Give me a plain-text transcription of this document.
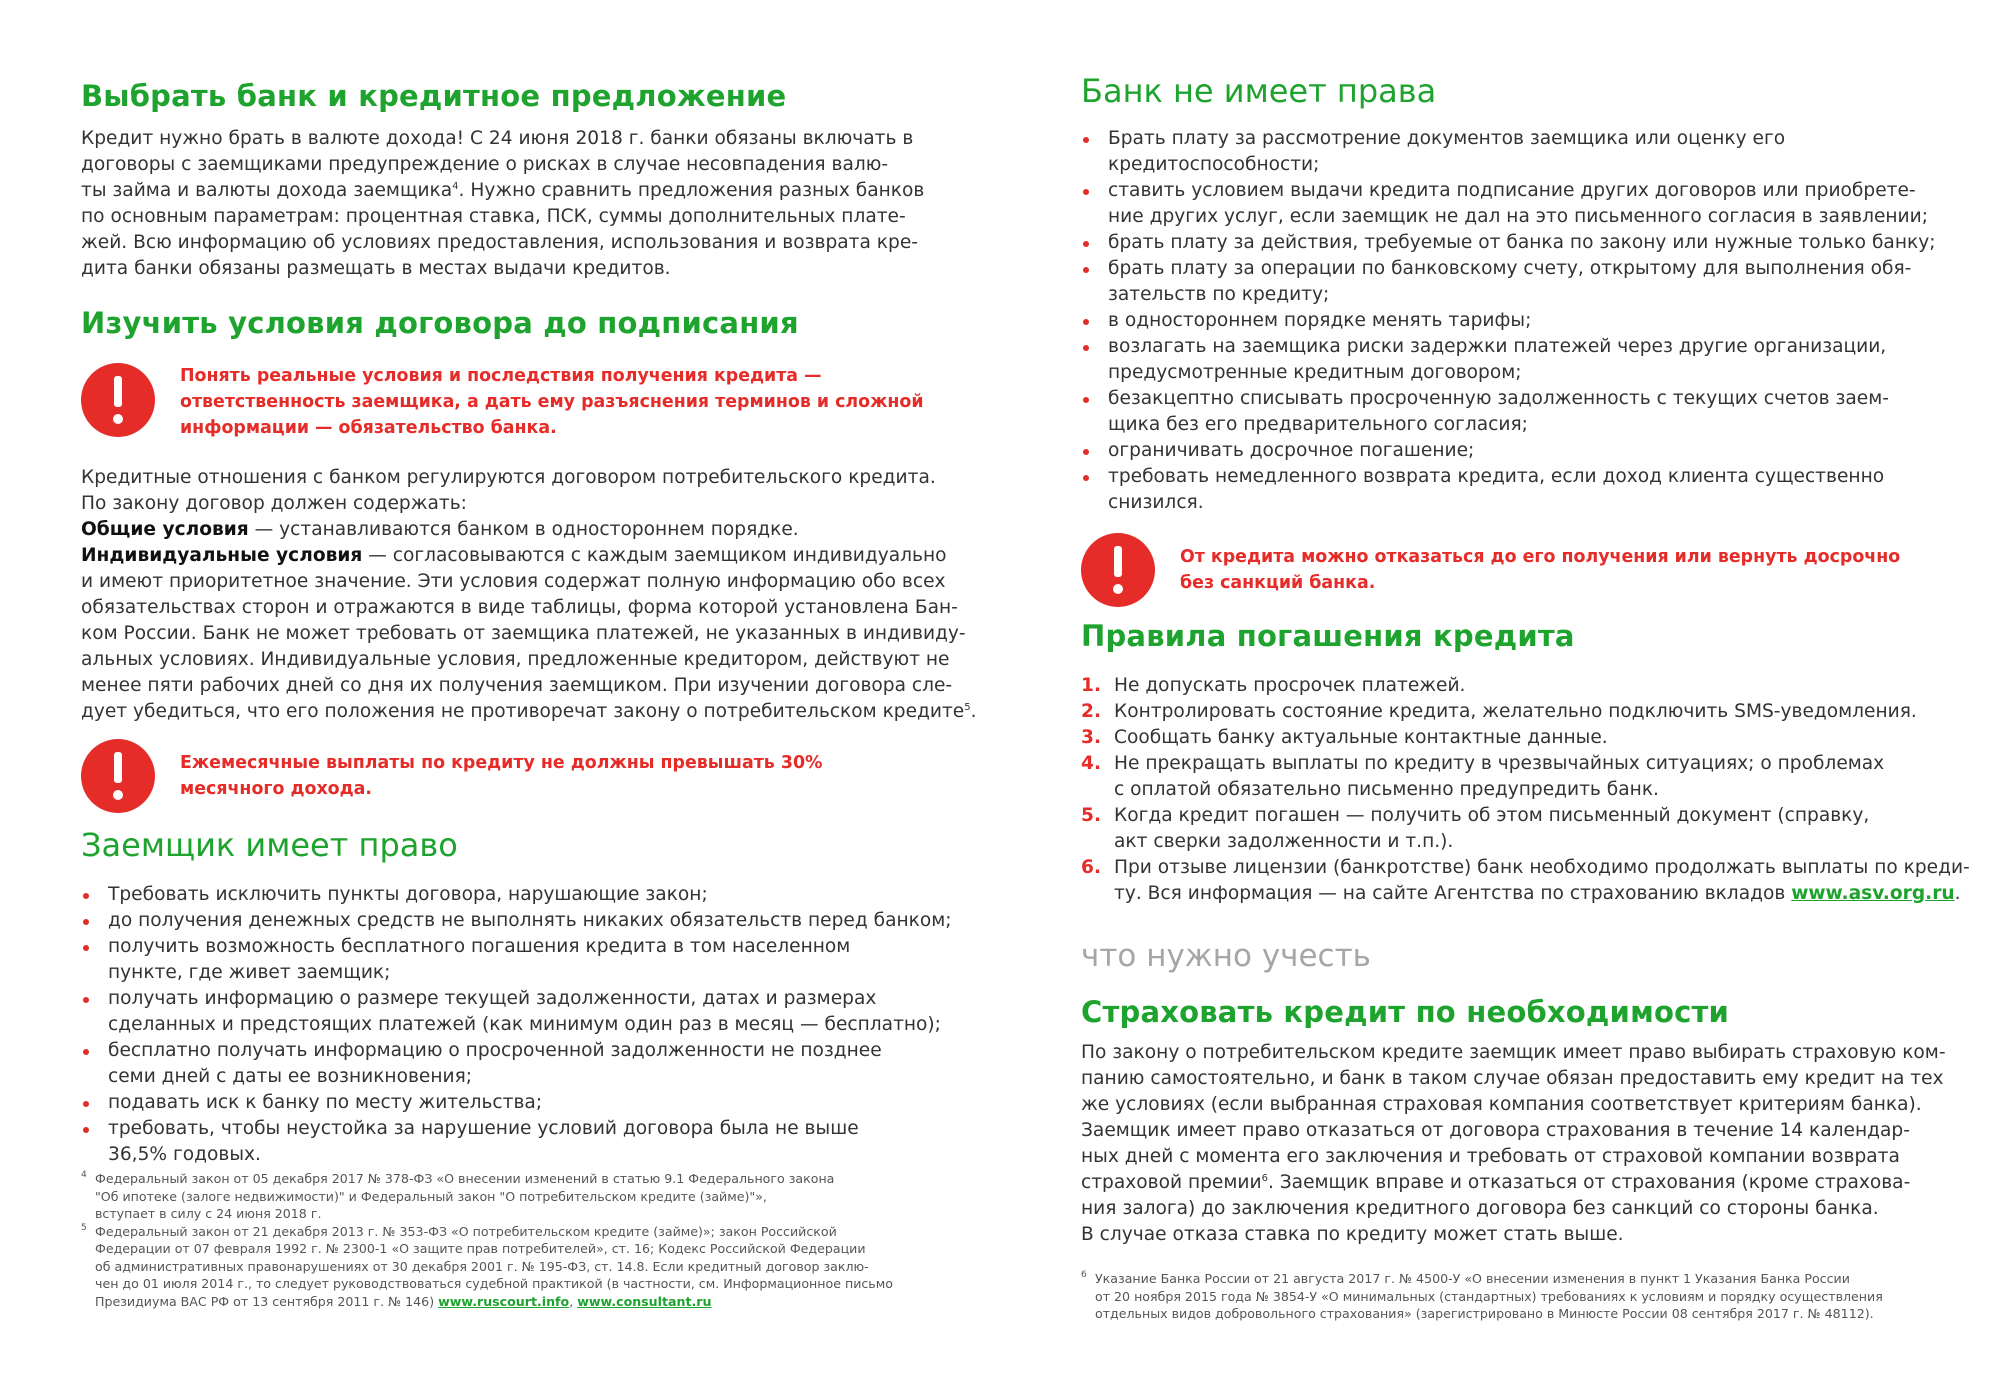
Выбрать банк и кредитное предложение
Кредит нужно брать в валюте дохода! С 24 июня 2018 г. банки обязаны включать в
договоры с заемщиками предупреждение о рисках в случае несовпадения валю-
ты займа и валюты дохода заемщика$^4$. Нужно сравнить предложения разных банков
по основным параметрам: процентная ставка, ПСК, суммы дополнительных плате-
жей. Всю информацию об условиях предоставления, использования и возврата кре-
дита банки обязаны размещать в местах выдачи кредитов.
Изучить условия договора до подписания
Понять реальные условия и последствия получения кредита —
ответственность заемщика, а дать ему разъяснения терминов и сложной
информации — обязательство банка.
Кредитные отношения с банком регулируются договором потребительского кредита.
По закону договор должен содержать:
Общие условия — устанавливаются банком в одностороннем порядке.
Индивидуальные условия — согласовываются с каждым заемщиком индивидуально
и имеют приоритетное значение. Эти условия содержат полную информацию обо всех
обязательствах сторон и отражаются в виде таблицы, форма которой установлена Бан-
ком России. Банк не может требовать от заемщика платежей, не указанных в индивиду-
альных условиях. Индивидуальные условия, предложенные кредитором, действуют не
менее пяти рабочих дней со дня их получения заемщиком. При изучении договора сле-
дует убедиться, что его положения не противоречат закону о потребительском кредите$^5$.
Ежемесячные выплаты по кредиту не должны превышать 30%
месячного дохода.
Заемщик имеет право
Требовать исключить пункты договора, нарушающие закон;
до получения денежных средств не выполнять никаких обязательств перед банком;
получить возможность бесплатного погашения кредита в том населенном
пункте, где живет заемщик;
получать информацию о размере текущей задолженности, датах и размерах
сделанных и предстоящих платежей (как минимум один раз в месяц — бесплатно);
бесплатно получать информацию о просроченной задолженности не позднее
семи дней с даты ее возникновения;
подавать иск к банку по месту жительства;
требовать, чтобы неустойка за нарушение условий договора была не выше
36,5% годовых.
4 Федеральный закон от 05 декабря 2017 № 378-ФЗ «О внесении изменений в статью 9.1 Федерального закона
"Об ипотеке (залоге недвижимости)" и Федеральный закон "О потребительском кредите (займе)"»,
вступает в силу с 24 июня 2018 г.
5 Федеральный закон от 21 декабря 2013 г. № 353-ФЗ «О потребительском кредите (займе)»; закон Российской
Федерации от 07 февраля 1992 г. № 2300-1 «О защите прав потребителей», ст. 16; Кодекс Российской Федерации
об административных правонарушениях от 30 декабря 2001 г. № 195-ФЗ, ст. 14.8. Если кредитный договор заклю-
чен до 01 июля 2014 г., то следует руководствоваться судебной практикой (в частности, см. Информационное письмо
Президиума ВАС РФ от 13 сентября 2011 г. № 146) www.ruscourt.info, www.consultant.ru
Банк не имеет права
Брать плату за рассмотрение документов заемщика или оценку его
кредитоспособности;
ставить условием выдачи кредита подписание других договоров или приобрете-
ние других услуг, если заемщик не дал на это письменного согласия в заявлении;
брать плату за действия, требуемые от банка по закону или нужные только банку;
брать плату за операции по банковскому счету, открытому для выполнения обя-
зательств по кредиту;
в одностороннем порядке менять тарифы;
возлагать на заемщика риски задержки платежей через другие организации,
предусмотренные кредитным договором;
безакцептно списывать просроченную задолженность с текущих счетов заем-
щика без его предварительного согласия;
ограничивать досрочное погашение;
требовать немедленного возврата кредита, если доход клиента существенно
снизился.
От кредита можно отказаться до его получения или вернуть досрочно
без санкций банка.
Правила погашения кредита
1. Не допускать просрочек платежей.
2. Контролировать состояние кредита, желательно подключить SMS-уведомления.
3. Сообщать банку актуальные контактные данные.
4. Не прекращать выплаты по кредиту в чрезвычайных ситуациях; о проблемах
с оплатой обязательно письменно предупредить банк.
5. Когда кредит погашен — получить об этом письменный документ (справку,
акт сверки задолженности и т.п.).
6. При отзыве лицензии (банкротстве) банк необходимо продолжать выплаты по креди-
ту. Вся информация — на сайте Агентства по страхованию вкладов www.asv.org.ru.
что нужно учесть
Страховать кредит по необходимости
По закону о потребительском кредите заемщик имеет право выбирать страховую ком-
панию самостоятельно, и банк в таком случае обязан предоставить ему кредит на тех
же условиях (если выбранная страховая компания соответствует критериям банка).
Заемщик имеет право отказаться от договора страхования в течение 14 календар-
ных дней с момента его заключения и требовать от страховой компании возврата
страховой премии$^6$. Заемщик вправе и отказаться от страхования (кроме страхова-
ния залога) до заключения кредитного договора без санкций со стороны банка.
В случае отказа ставка по кредиту может стать выше.
6 Указание Банка России от 21 августа 2017 г. № 4500-У «О внесении изменения в пункт 1 Указания Банка России
от 20 ноября 2015 года № 3854-У «О минимальных (стандартных) требованиях к условиям и порядку осуществления
отдельных видов добровольного страхования» (зарегистрировано в Минюсте России 08 сентября 2017 г. № 48112).
